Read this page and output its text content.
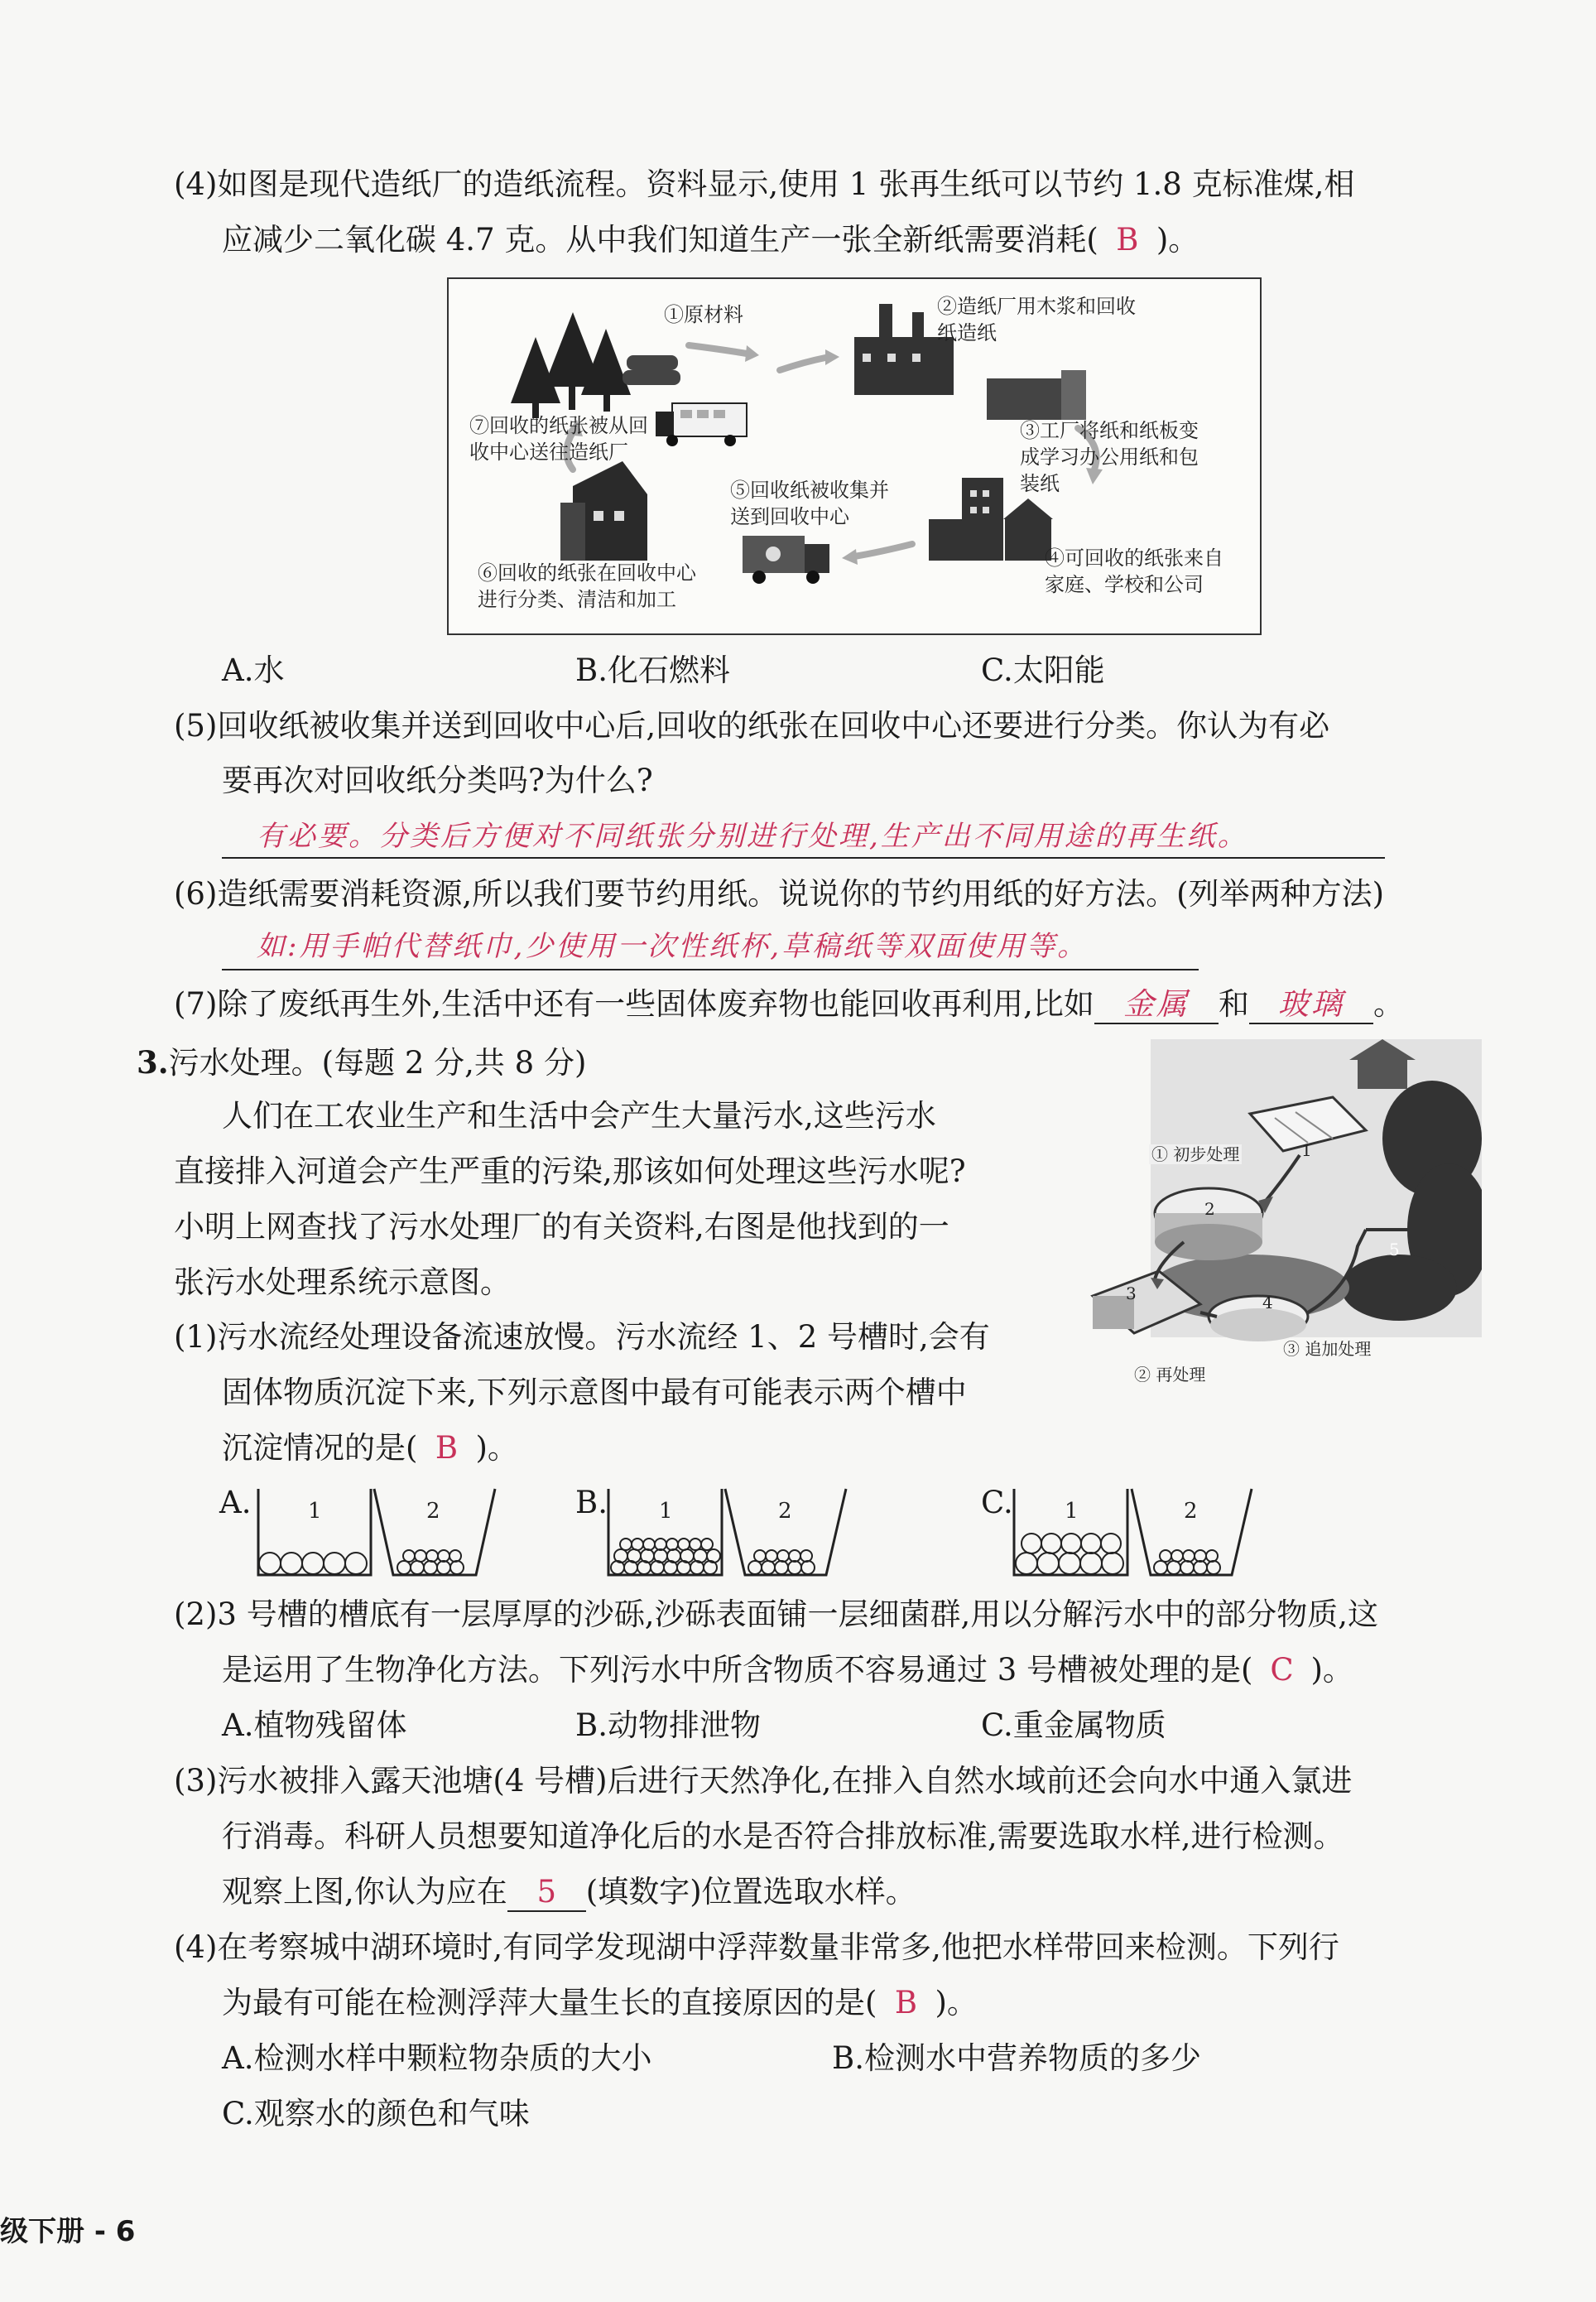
(4)如图是现代造纸厂的造纸流程。资料显示,使用 1 张再生纸可以节约 1.8 克标准煤,相
应减少二氧化碳 4.7 克。从中我们知道生产一张全新纸需要消耗( B )。
①原材料	②造纸厂用木浆和回收
纸造纸
③工厂将纸和纸板变
成学习办公用纸和包
装纸
④可回收的纸张来自
家庭、学校和公司
⑤回收纸被收集并
送到回收中心
⑥回收的纸张在回收中心
进行分类、清洁和加工
⑦回收的纸张被从回
收中心送往造纸厂
A.水	B.化石燃料	C.太阳能
(5)回收纸被收集并送到回收中心后,回收的纸张在回收中心还要进行分类。你认为有必
要再次对回收纸分类吗?为什么?
有必要。分类后方便对不同纸张分别进行处理,生产出不同用途的再生纸。
(6)造纸需要消耗资源,所以我们要节约用纸。说说你的节约用纸的好方法。(列举两种方法)
如:用手帕代替纸巾,少使用一次性纸杯,草稿纸等双面使用等。
(7)除了废纸再生外,生活中还有一些固体废弃物也能回收再利用,比如 金属 和 玻璃 。
3.污水处理。(每题 2 分,共 8 分)
人们在工农业生产和生活中会产生大量污水,这些污水
直接排入河道会产生严重的污染,那该如何处理这些污水呢?
小明上网查找了污水处理厂的有关资料,右图是他找到的一
张污水处理系统示意图。
① 初步处理
② 再处理
③ 追加处理
1
2
3	4
5
(1)污水流经处理设备流速放慢。污水流经 1、2 号槽时,会有
固体物质沉淀下来,下列示意图中最有可能表示两个槽中
沉淀情况的是( B )。
A.	B.	C.
1	2	1	2	1	2
(2)3 号槽的槽底有一层厚厚的沙砾,沙砾表面铺一层细菌群,用以分解污水中的部分物质,这
是运用了生物净化方法。下列污水中所含物质不容易通过 3 号槽被处理的是( C )。
A.植物残留体	B.动物排泄物	C.重金属物质
(3)污水被排入露天池塘(4 号槽)后进行天然净化,在排入自然水域前还会向水中通入氯进
行消毒。科研人员想要知道净化后的水是否符合排放标准,需要选取水样,进行检测。
观察上图,你认为应在 5 (填数字)位置选取水样。
(4)在考察城中湖环境时,有同学发现湖中浮萍数量非常多,他把水样带回来检测。下列行
为最有可能在检测浮萍大量生长的直接原因的是( B )。
A.检测水样中颗粒物杂质的大小	B.检测水中营养物质的多少
C.观察水的颜色和气味
级下册 - 6
